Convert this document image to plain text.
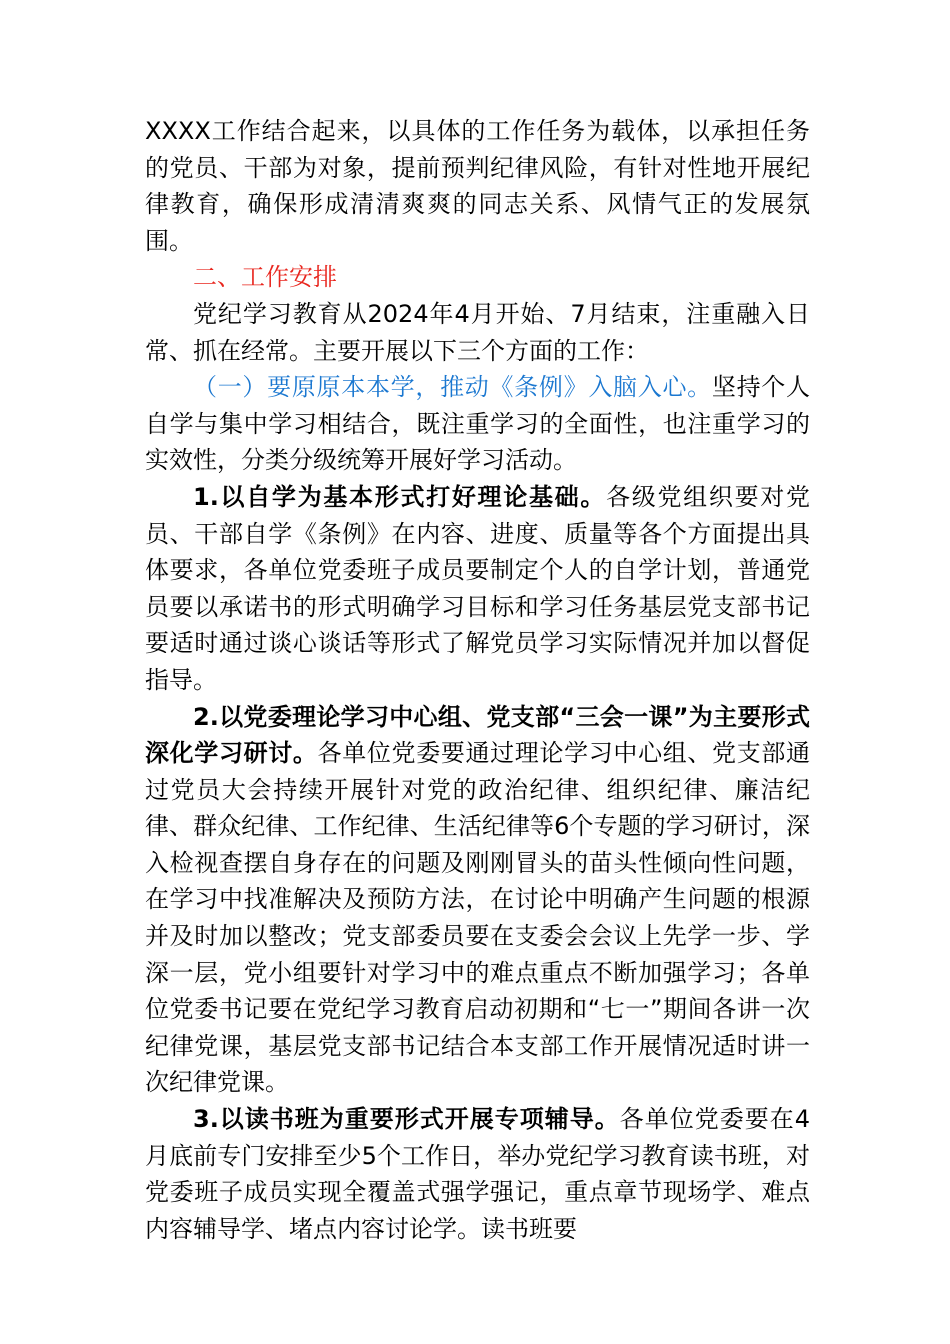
XXXX工作结合起来，以具体的工作任务为载体，以承担任务的党员、干部为对象，提前预判纪律风险，有针对性地开展纪律教育，确保形成清清爽爽的同志关系、风情气正的发展氛围。

二、工作安排

党纪学习教育从2024年4月开始、7月结束，注重融入日常、抓在经常。主要开展以下三个方面的工作：

（一）要原原本本学，推动《条例》入脑入心。坚持个人自学与集中学习相结合，既注重学习的全面性，也注重学习的实效性，分类分级统筹开展好学习活动。

1.以自学为基本形式打好理论基础。各级党组织要对党员、干部自学《条例》在内容、进度、质量等各个方面提出具体要求，各单位党委班子成员要制定个人的自学计划，普通党员要以承诺书的形式明确学习目标和学习任务基层党支部书记要适时通过谈心谈话等形式了解党员学习实际情况并加以督促指导。

2.以党委理论学习中心组、党支部“三会一课”为主要形式深化学习研讨。各单位党委要通过理论学习中心组、党支部通过党员大会持续开展针对党的政治纪律、组织纪律、廉洁纪律、群众纪律、工作纪律、生活纪律等6个专题的学习研讨，深入检视查摆自身存在的问题及刚刚冒头的苗头性倾向性问题，在学习中找准解决及预防方法，在讨论中明确产生问题的根源并及时加以整改；党支部委员要在支委会会议上先学一步、学深一层，党小组要针对学习中的难点重点不断加强学习；各单位党委书记要在党纪学习教育启动初期和“七一”期间各讲一次纪律党课，基层党支部书记结合本支部工作开展情况适时讲一次纪律党课。

3.以读书班为重要形式开展专项辅导。各单位党委要在4月底前专门安排至少5个工作日，举办党纪学习教育读书班，对党委班子成员实现全覆盖式强学强记，重点章节现场学、难点内容辅导学、堵点内容讨论学。读书班要
